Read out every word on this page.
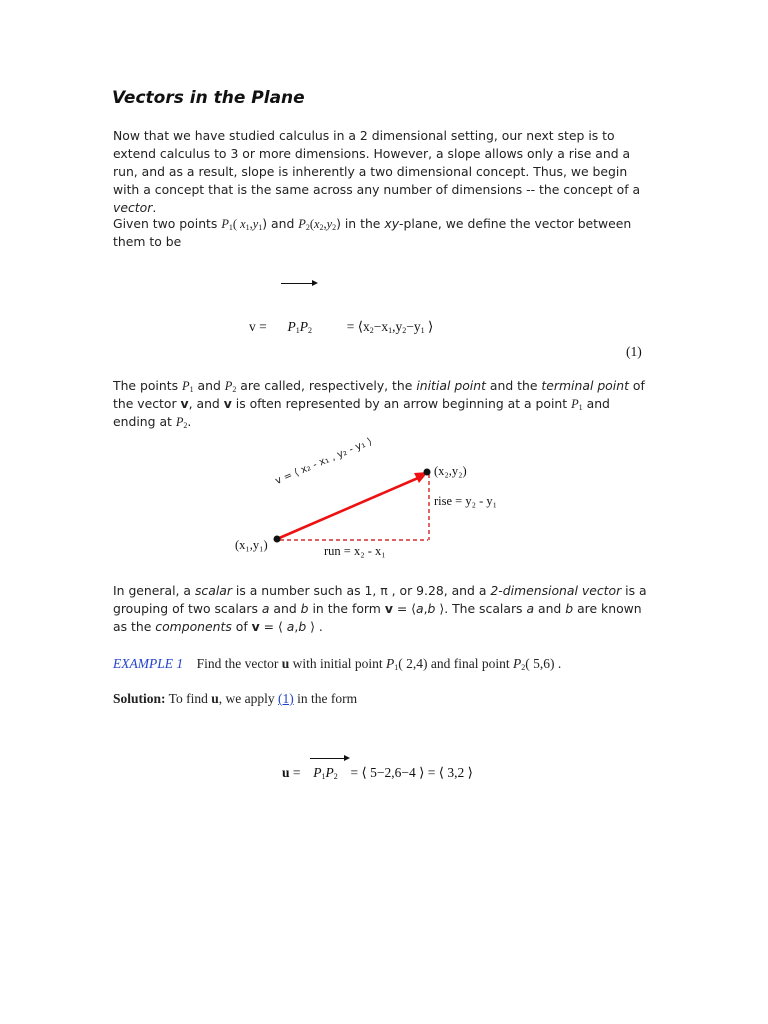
Vectors in the Plane

Now that we have studied calculus in a 2 dimensional setting, our next step is to extend calculus to 3 or more dimensions. However, a slope allows only a rise and a run, and as a result, slope is inherently a two dimensional concept. Thus, we begin with a concept that is the same across any number of dimensions -- the concept of a vector.

Given two points $P_1$( $x_1,y_1$) and $P_2(x_2,y_2)$ in the xy-plane, we define the vector between them to be

$v = P_1P_2$	= $⟨x_2-x_1,y_2-y_1$ ⟩
(1)

The points $P_1$ and $P_2$ are called, respectively, the initial point and the terminal point of the vector v, and v is often represented by an arrow beginning at a point $P_1$ and ending at $P_2$.

v = ⟨ x₂ - x₁ , y₂ - y₁ ⟩
(x₁,y₁)
(x₂,y₂)
rise = y₂ - y₁
run = x₂ - x₁

In general, a scalar is a number such as 1, π , or 9.28, and a 2-dimensional vector is a grouping of two scalars a and b in the form v = ⟨a,b ⟩. The scalars a and b are known as the components of v = ⟨ a,b ⟩ .

EXAMPLE 1    Find the vector u with initial point $P_1$( 2,4) and final point $P_2$( 5,6) .

Solution: To find u, we apply (1) in the form

$u = P_1P_2$ = ⟨ 5−2,6−4 ⟩ = ⟨ 3,2 ⟩
